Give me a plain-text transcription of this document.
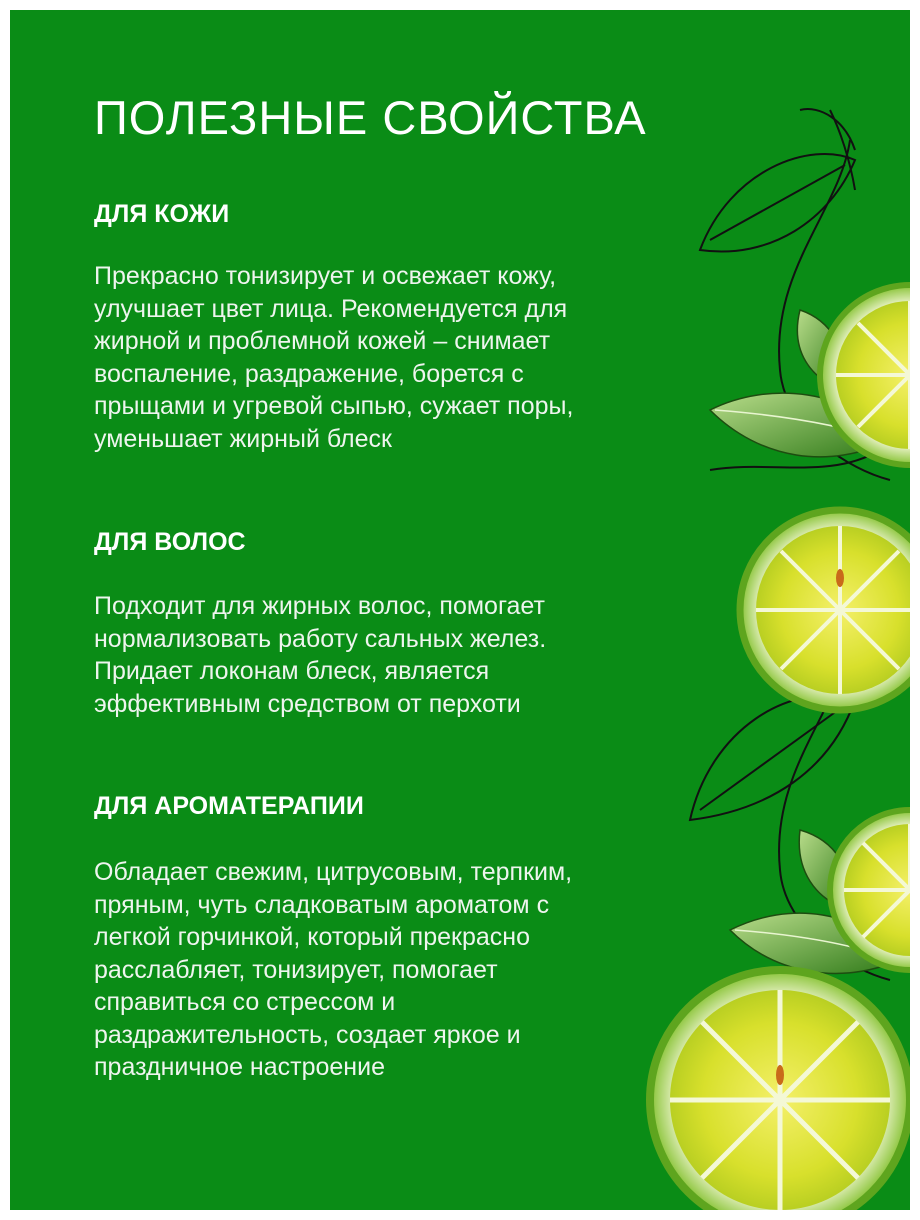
ПОЛЕЗНЫЕ СВОЙСТВА
ДЛЯ КОЖИ

Прекрасно тонизирует и освежает кожу,
улучшает цвет лица. Рекомендуется для
жирной и проблемной кожей – снимает
воспаление, раздражение, борется с
прыщами и угревой сыпью, сужает поры,
уменьшает жирный блеск

ДЛЯ ВОЛОС

Подходит для жирных волос, помогает
нормализовать работу сальных желез.
Придает локонам блеск, является
эффективным средством от перхоти

ДЛЯ АРОМАТЕРАПИИ

Обладает свежим, цитрусовым, терпким,
пряным, чуть сладковатым ароматом с
легкой горчинкой, который прекрасно
расслабляет, тонизирует, помогает
справиться со стрессом и
раздражительность, создает яркое и
праздничное настроение
